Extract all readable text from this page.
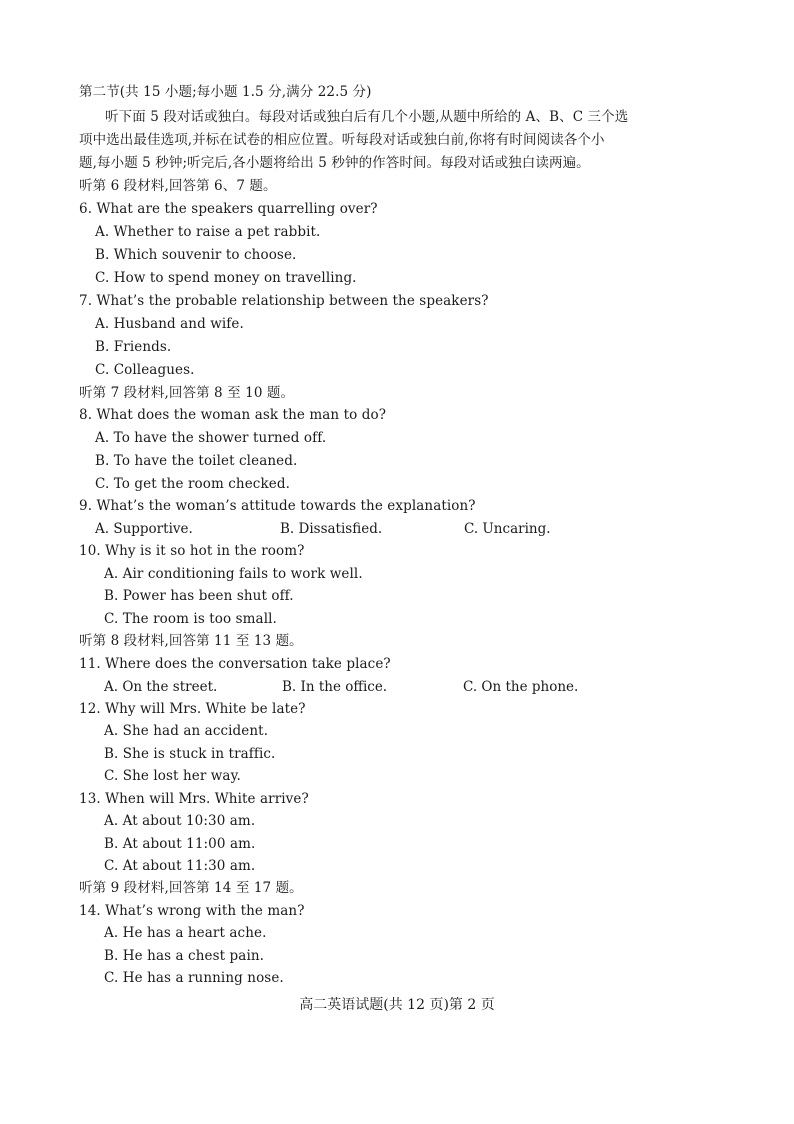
第二节(共 15 小题;每小题 1.5 分,满分 22.5 分)
听下面 5 段对话或独白。每段对话或独白后有几个小题,从题中所给的 A、B、C 三个选
项中选出最佳选项,并标在试卷的相应位置。听每段对话或独白前,你将有时间阅读各个小
题,每小题 5 秒钟;听完后,各小题将给出 5 秒钟的作答时间。每段对话或独白读两遍。
听第 6 段材料,回答第 6、7 题。
6. What are the speakers quarrelling over?
A. Whether to raise a pet rabbit.
B. Which souvenir to choose.
C. How to spend money on travelling.
7. What’s the probable relationship between the speakers?
A. Husband and wife.
B. Friends.
C. Colleagues.
听第 7 段材料,回答第 8 至 10 题。
8. What does the woman ask the man to do?
A. To have the shower turned off.
B. To have the toilet cleaned.
C. To get the room checked.
9. What’s the woman’s attitude towards the explanation?
A. Supportive.	B. Dissatisfied.	C. Uncaring.
10. Why is it so hot in the room?
A. Air conditioning fails to work well.
B. Power has been shut off.
C. The room is too small.
听第 8 段材料,回答第 11 至 13 题。
11. Where does the conversation take place?
A. On the street.	B. In the office.	C. On the phone.
12. Why will Mrs. White be late?
A. She had an accident.
B. She is stuck in traffic.
C. She lost her way.
13. When will Mrs. White arrive?
A. At about 10:30 am.
B. At about 11:00 am.
C. At about 11:30 am.
听第 9 段材料,回答第 14 至 17 题。
14. What’s wrong with the man?
A. He has a heart ache.
B. He has a chest pain.
C. He has a running nose.
高二英语试题(共 12 页)第 2 页
